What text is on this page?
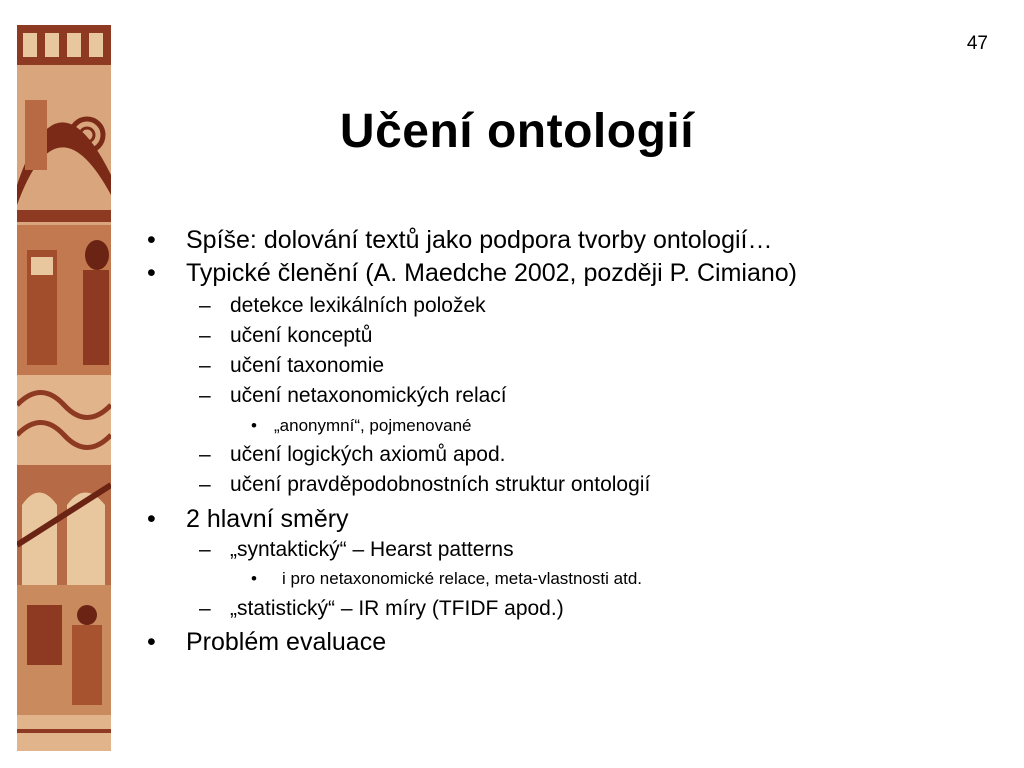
47
Učení ontologií
• Spíše: dolování textů jako podpora tvorby ontologií…
• Typické členění (A. Maedche 2002, později P. Cimiano)
– detekce lexikálních položek
– učení konceptů
– učení taxonomie
– učení netaxonomických relací
• „anonymní“, pojmenované
– učení logických axiomů apod.
– učení pravděpodobnostních struktur ontologií
• 2 hlavní směry
– „syntaktický“ – Hearst patterns
• i pro netaxonomické relace, meta-vlastnosti atd.
– „statistický“ – IR míry (TFIDF apod.)
• Problém evaluace
